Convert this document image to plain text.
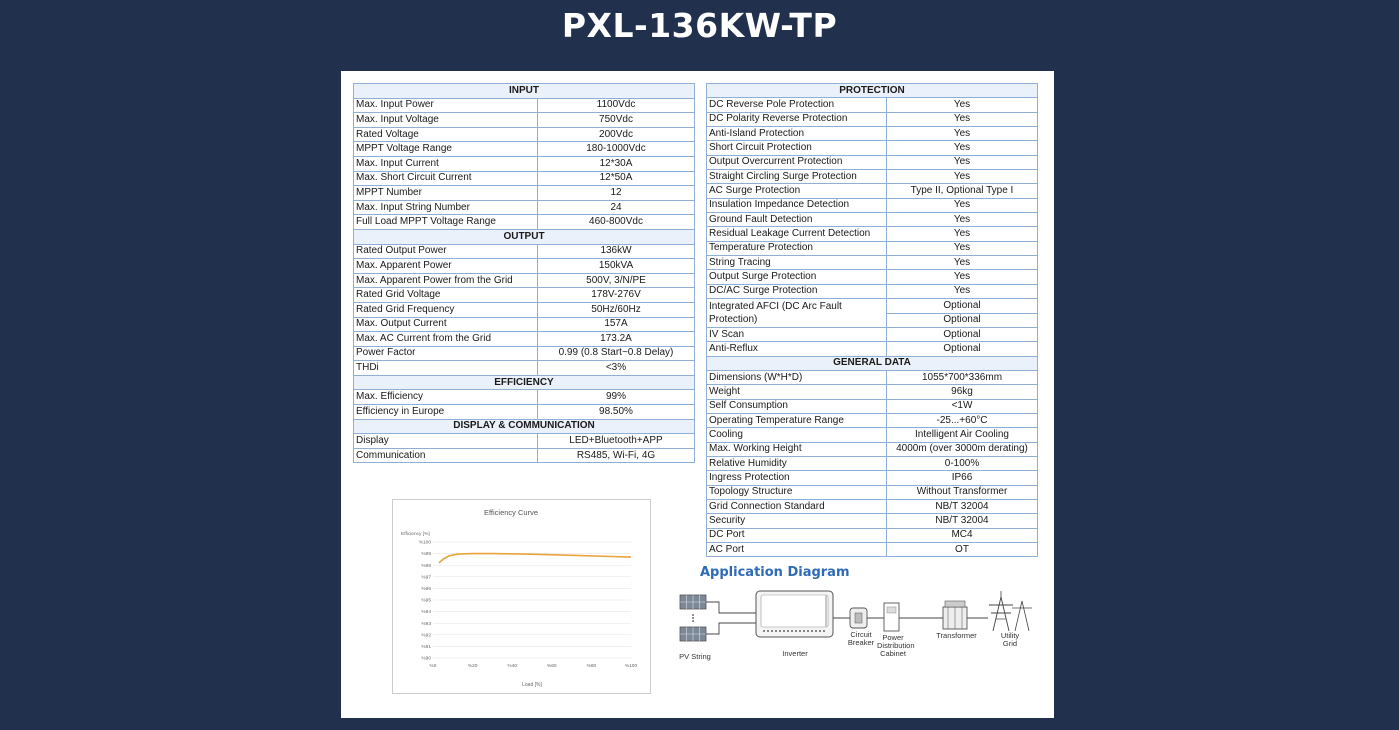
PXL-136KW-TP
INPUT	
Max. Input Power	1100Vdc
Max. Input Voltage	750Vdc
Rated Voltage	200Vdc
MPPT Voltage Range	180-1000Vdc
Max. Input Current	12*30A
Max. Short Circuit Current	12*50A
MPPT Number	12
Max. Input String Number	24
Full Load MPPT Voltage Range	460-800Vdc
OUTPUT	
Rated Output Power	136kW
Max. Apparent Power	150kVA
Max. Apparent Power from the Grid	500V, 3/N/PE
Rated Grid Voltage	178V-276V
Rated Grid Frequency	50Hz/60Hz
Max. Output Current	157A
Max. AC Current from the Grid	173.2A
Power Factor	0.99 (0.8 Start~0.8 Delay)
THDi	<3%
EFFICIENCY	
Max. Efficiency	99%
Efficiency in Europe	98.50%
DISPLAY & COMMUNICATION	
Display	LED+Bluetooth+APP
Communication	RS485, Wi-Fi, 4G
PROTECTION	
DC Reverse Pole Protection	Yes
DC Polarity Reverse Protection	Yes
Anti-Island Protection	Yes
Short Circuit Protection	Yes
Output Overcurrent Protection	Yes
Straight Circling Surge Protection	Yes
AC Surge Protection	Type II, Optional Type I
Insulation Impedance Detection	Yes
Ground Fault Detection	Yes
Residual Leakage Current Detection	Yes
Temperature Protection	Yes
String Tracing	Yes
Output Surge Protection	Yes
DC/AC Surge Protection	Yes
Integrated AFCI (DC Arc Fault Protection)	Optional
	Optional
IV Scan	Optional
Anti-Reflux	Optional
GENERAL DATA	
Dimensions (W*H*D)	1055*700*336mm
Weight	96kg
Self Consumption	<1W
Operating Temperature Range	-25...+60°C
Cooling	Intelligent Air Cooling
Max. Working Height	4000m (over 3000m derating)
Relative Humidity	0-100%
Ingress Protection	IP66
Topology Structure	Without Transformer
Grid Connection Standard	NB/T 32004
Security	NB/T 32004
DC Port	MC4
AC Port	OT
Efficiency Curve
Efficiency [%]
Load [%]
%100
%99
%98
%97
%96
%95
%94
%93
%92
%91
%90
%0	%20	%40	%60	%80	%100
Application Diagram
PV String	Inverter
Circuit Breaker
Power Distribution Cabinet
Transformer	Utility Grid
